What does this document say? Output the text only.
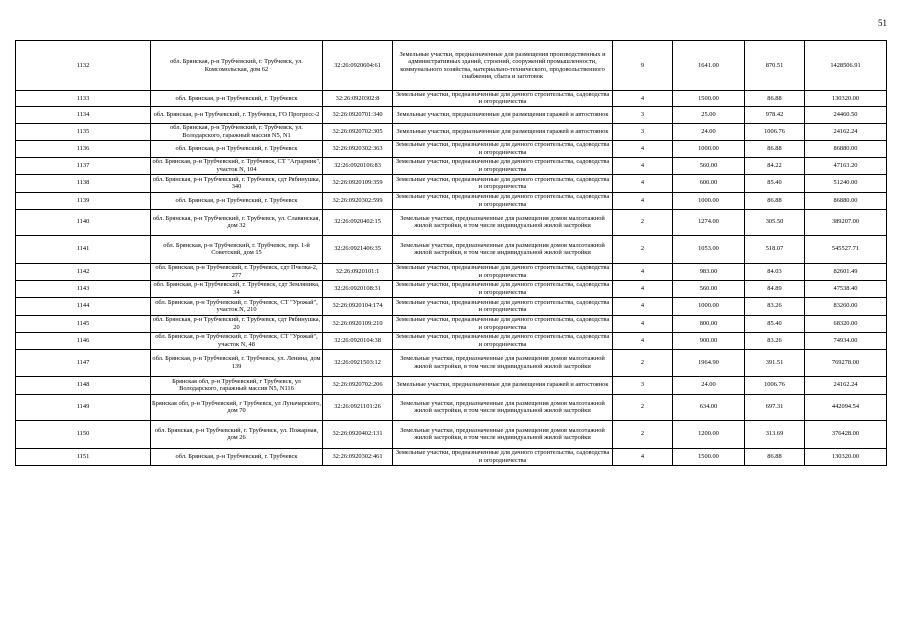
51
1132	обл. Брянская, р-н Трубчевский, г. Трубчевск, ул. Комсомольская, дом 62	32:26:0920604:61	Земельные участки, предназначенные для размещения производственных и административных зданий, строений, сооружений промышленности, коммунального хозяйства, материально-технического, продовольственного снабжения, сбыта и заготовок	9	1641.00	870.51	1428506.91
1133	обл. Брянская, р-н Трубчевский, г. Трубчевск	32:26:0920302:8	Земельные участки, предназначенные для дачного строительства, садоводства и огородничества	4	1500.00	86.88	130320.00
1134	обл. Брянская, р-н Трубчевский, г. Трубчевск, ГО Прогресс-2	32:26:0920701:340	Земельные участки, предназначенные для размещения гаражей и автостоянок	3	25.00	978.42	24460.50
1135	обл. Брянская, р-н Трубчевский, г. Трубчевск, ул. Володарского, гаражный массив N5, N1	32:26:0920702:305	Земельные участки, предназначенные для размещения гаражей и автостоянок	3	24.00	1006.76	24162.24
1136	обл. Брянская, р-н Трубчевский, г. Трубчевск	32:26:0920302:363	Земельные участки, предназначенные для дачного строительства, садоводства и огородничества	4	1000.00	86.88	86880.00
1137	обл. Брянская, р-н Трубчевский, г. Трубчевск, СТ "Аграрник", участок N, 104	32:26:0920106:83	Земельные участки, предназначенные для дачного строительства, садоводства и огородничества	4	560.00	84.22	47163.20
1138	обл. Брянская, р-н Трубчевский, г. Трубчевск, сдт Рябинушка, 340	32:26:0920109:359	Земельные участки, предназначенные для дачного строительства, садоводства и огородничества	4	600.00	85.40	51240.00
1139	обл. Брянская, р-н Трубчевский, г. Трубчевск	32:26:0920302:599	Земельные участки, предназначенные для дачного строительства, садоводства и огородничества	4	1000.00	86.88	86880.00
1140	обл. Брянская, р-н Трубчевский, г. Трубчевск, ул. Славянская, дом 32	32:26:0920402:15	Земельные участки, предназначенные для размещения домов малоэтажной жилой застройки, в том числе индивидуальной жилой застройки	2	1274.00	305.50	389207.00
1141	обл. Брянская, р-н Трубчевский, г. Трубчевск, пер. 1-й Советский, дом 15	32:26:0921406:35	Земельные участки, предназначенные для размещения домов малоэтажной жилой застройки, в том числе индивидуальной жилой застройки	2	1053.00	518.07	545527.71
1142	обл. Брянская, р-н Трубчевский, г. Трубчевск, сдт Пчелка-2, 277	32:26:0920101:1	Земельные участки, предназначенные для дачного строительства, садоводства и огородничества	4	983.00	84.03	82601.49
1143	обл. Брянская, р-н Трубчевский, г. Трубчевск, сдт Земляника, 34	32:26:0920108:31	Земельные участки, предназначенные для дачного строительства, садоводства и огородничества	4	560.00	84.89	47538.40
1144	обл. Брянская, р-н Трубчевский, г. Трубчевск, СТ "Урожай", участок N, 210	32:26:0920104:174	Земельные участки, предназначенные для дачного строительства, садоводства и огородничества	4	1000.00	83.26	83260.00
1145	обл. Брянская, р-н Трубчевский, г. Трубчевск, сдт Рябинушка, 20	32:26:0920109:210	Земельные участки, предназначенные для дачного строительства, садоводства и огородничества	4	800.00	85.40	68320.00
1146	обл. Брянская, р-н Трубчевский, г. Трубчевск, СТ "Урожай", участок N, 48	32:26:0920104:38	Земельные участки, предназначенные для дачного строительства, садоводства и огородничества	4	900.00	83.26	74934.00
1147	обл. Брянская, р-н Трубчевский, г. Трубчевск, ул. Ленина, дом 139	32:26:0921503:12	Земельные участки, предназначенные для размещения домов малоэтажной жилой застройки, в том числе индивидуальной жилой застройки	2	1964.90	391.51	769278.00
1148	Брянская обл, р-н Трубчевский, г Трубчевск, ул Володарского, гаражный массив N5, N116	32:26:0920702:206	Земельные участки, предназначенные для размещения гаражей и автостоянок	3	24.00	1006.76	24162.24
1149	Брянская обл, р-н Трубчевский, г Трубчевск, ул Луначарского, дом 70	32:26:0921101:26	Земельные участки, предназначенные для размещения домов малоэтажной жилой застройки, в том числе индивидуальной жилой застройки	2	634.00	697.31	442094.54
1150	обл. Брянская, р-н Трубчевский, г. Трубчевск, ул. Пожарная, дом 26	32:26:0920402:131	Земельные участки, предназначенные для размещения домов малоэтажной жилой застройки, в том числе индивидуальной жилой застройки	2	1200.00	313.69	376428.00
1151	обл. Брянская, р-н Трубчевский, г. Трубчевск	32:26:0920302:461	Земельные участки, предназначенные для дачного строительства, садоводства и огородничества	4	1500.00	86.88	130320.00
